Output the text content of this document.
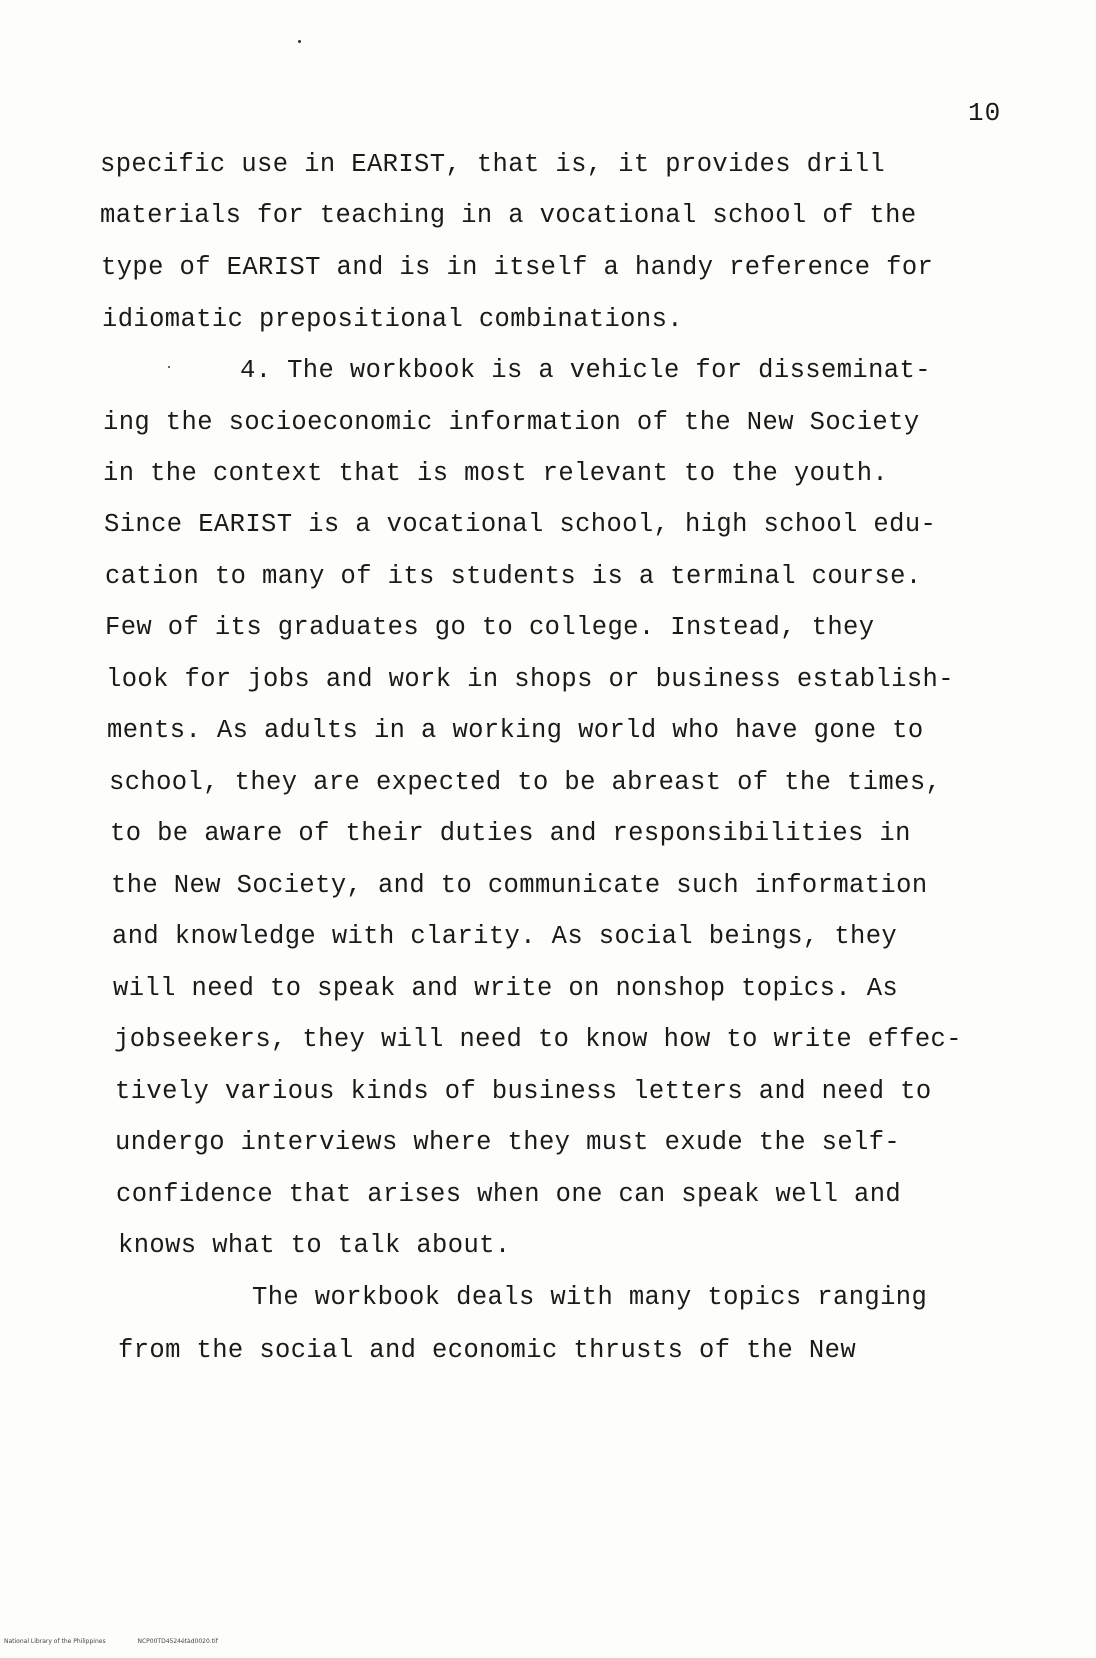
10
specific use in EARIST, that is, it provides drill
materials for teaching in a vocational school of the
type of EARIST and is in itself a handy reference for
idiomatic prepositional combinations.
4. The workbook is a vehicle for disseminat-
ing the socioeconomic information of the New Society
in the context that is most relevant to the youth.
Since EARIST is a vocational school, high school edu-
cation to many of its students is a terminal course.
Few of its graduates go to college. Instead, they
look for jobs and work in shops or business establish-
ments. As adults in a working world who have gone to
school, they are expected to be abreast of the times,
to be aware of their duties and responsibilities in
the New Society, and to communicate such information
and knowledge with clarity. As social beings, they
will need to speak and write on nonshop topics. As
jobseekers, they will need to know how to write effec-
tively various kinds of business letters and need to
undergo interviews where they must exude the self-
confidence that arises when one can speak well and
knows what to talk about.
The workbook deals with many topics ranging
from the social and economic thrusts of the New
National Library of the Philippines	NCP00TD4524étàd0020.tif
